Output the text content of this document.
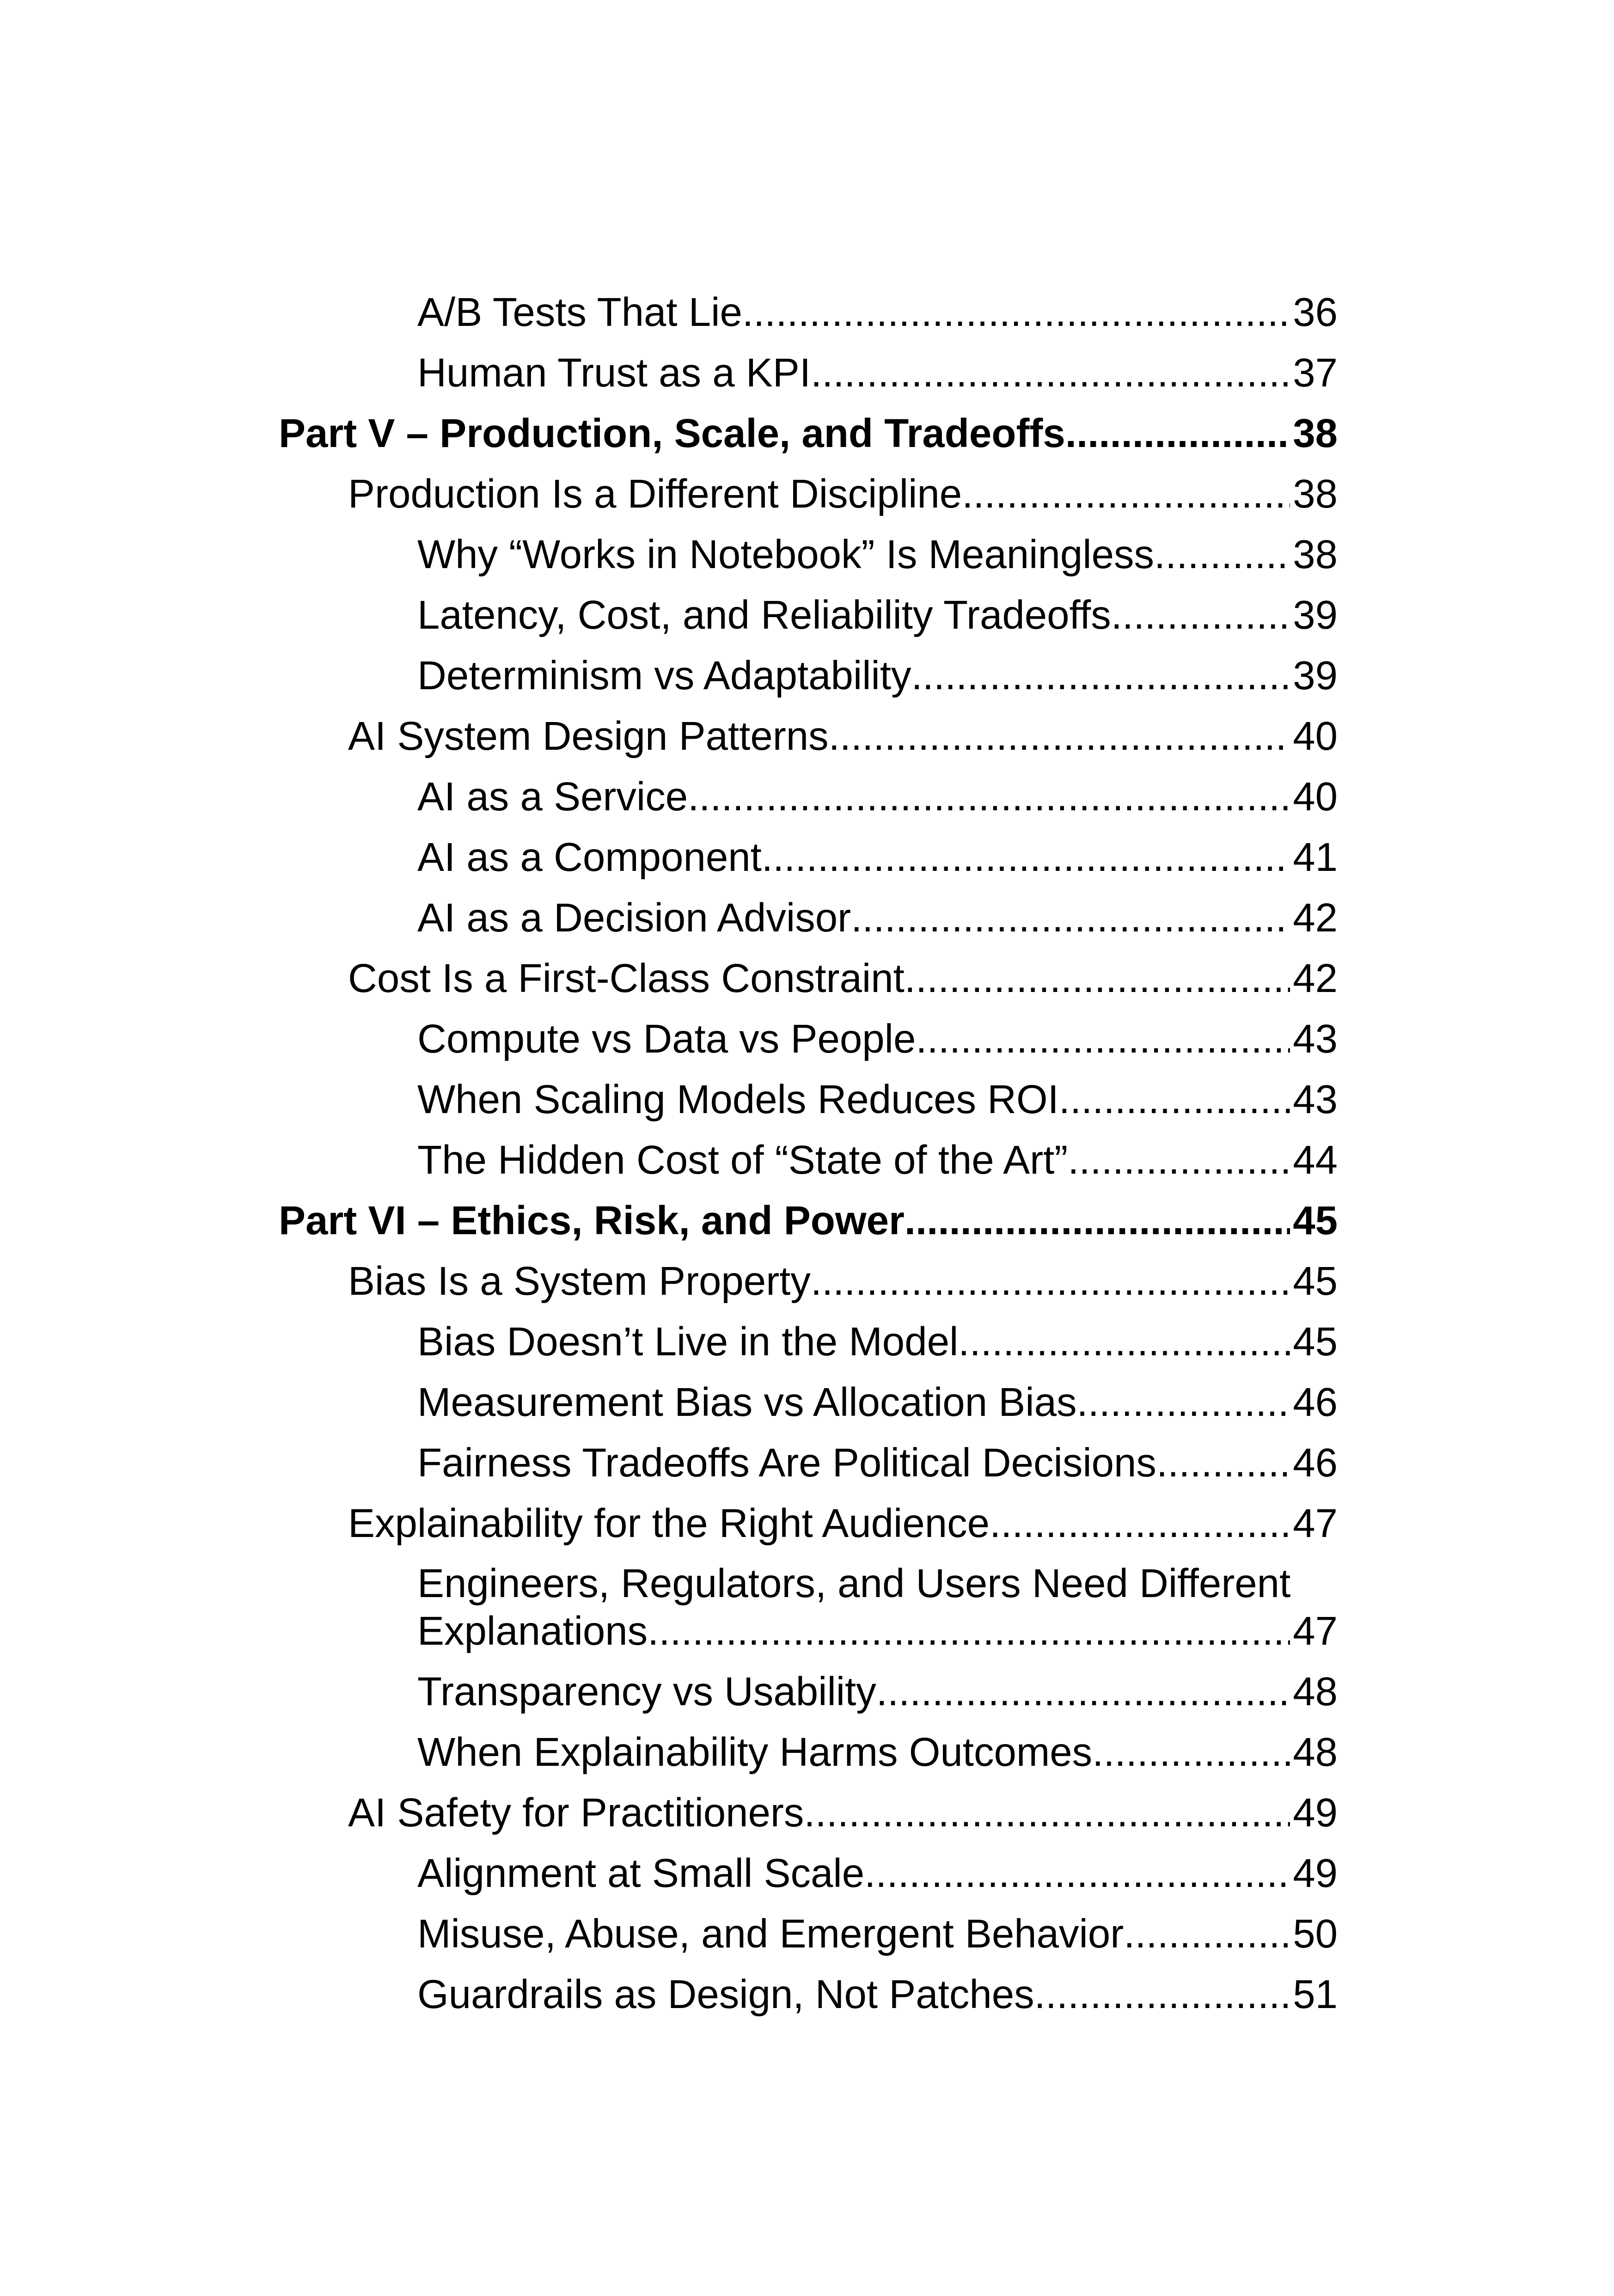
A/B Tests That Lie .....	36
Human Trust as a KPI .....	37
Part V – Production, Scale, and Tradeoffs .....	38
Production Is a Different Discipline .....	38
Why “Works in Notebook” Is Meaningless .....	38
Latency, Cost, and Reliability Tradeoffs .....	39
Determinism vs Adaptability .....	39
AI System Design Patterns .....	40
AI as a Service .....	40
AI as a Component .....	41
AI as a Decision Advisor .....	42
Cost Is a First-Class Constraint .....	42
Compute vs Data vs People .....	43
When Scaling Models Reduces ROI .....	43
The Hidden Cost of “State of the Art” .....	44
Part VI – Ethics, Risk, and Power .....	45
Bias Is a System Property .....	45
Bias Doesn’t Live in the Model .....	45
Measurement Bias vs Allocation Bias .....	46
Fairness Tradeoffs Are Political Decisions .....	46
Explainability for the Right Audience .....	47
Engineers, Regulators, and Users Need Different
Explanations .....	47
Transparency vs Usability .....	48
When Explainability Harms Outcomes .....	48
AI Safety for Practitioners .....	49
Alignment at Small Scale .....	49
Misuse, Abuse, and Emergent Behavior .....	50
Guardrails as Design, Not Patches .....	51
